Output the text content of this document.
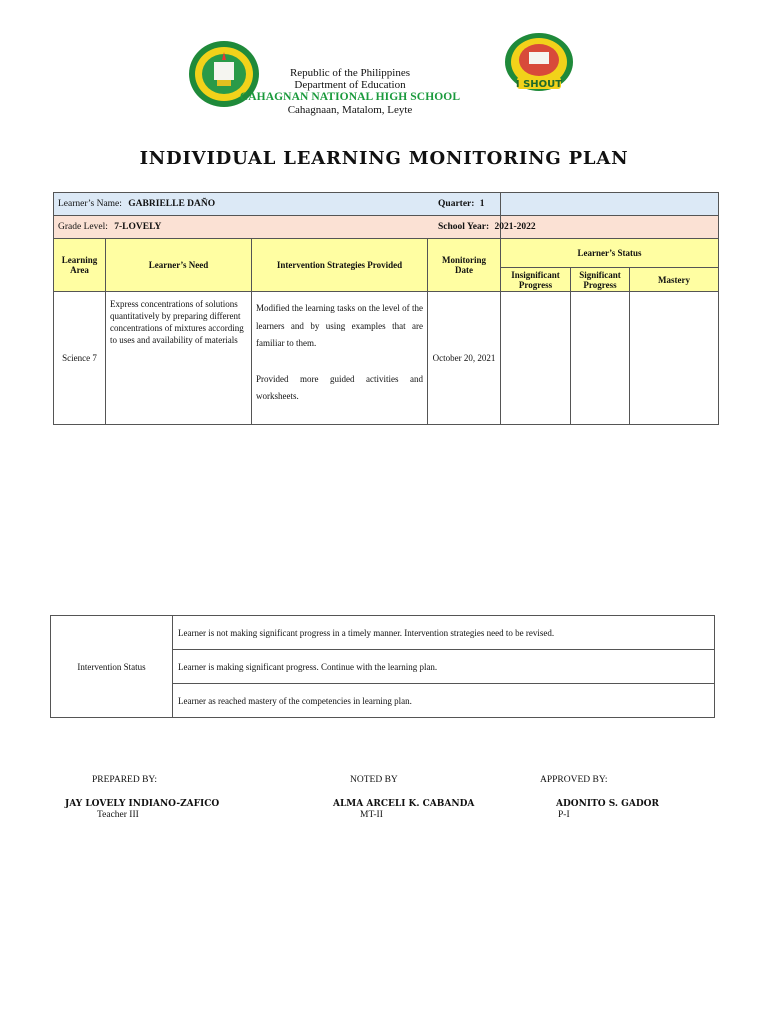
I SHOUT
Republic of the Philippines
Department of Education
CAHAGNAN NATIONAL HIGH SCHOOL
Cahagnaan, Matalom, Leyte
INDIVIDUAL LEARNING MONITORING PLAN
Learner’s Name: GABRIELLE DAÑO				Quarter: 1		
Grade Level: 7-LOVELY				School Year: 2021-2022		
Learning Area	Learner’s Need	Intervention Strategies Provided	Monitoring Date	Learner’s Status		
				Insignificant Progress	Significant Progress	Mastery
Science 7	Express concentrations of solutions quantitatively by preparing different concentrations of mixtures according to uses and availability of materials	Modified the learning tasks on the level of the learners and by using examples that are familiar to them.
Provided more guided activities and worksheets.	October 20, 2021			
Intervention Status	Learner is not making significant progress in a timely manner. Intervention strategies need to be revised.
Learner is making significant progress. Continue with the learning plan.
Learner as reached mastery of the competencies in learning plan.
PREPARED BY:	NOTED BY	APPROVED BY:
JAY LOVELY INDIANO-ZAFICO	ALMA ARCELI K. CABANDA	ADONITO S. GADOR
Teacher III	MT-II	P-I
